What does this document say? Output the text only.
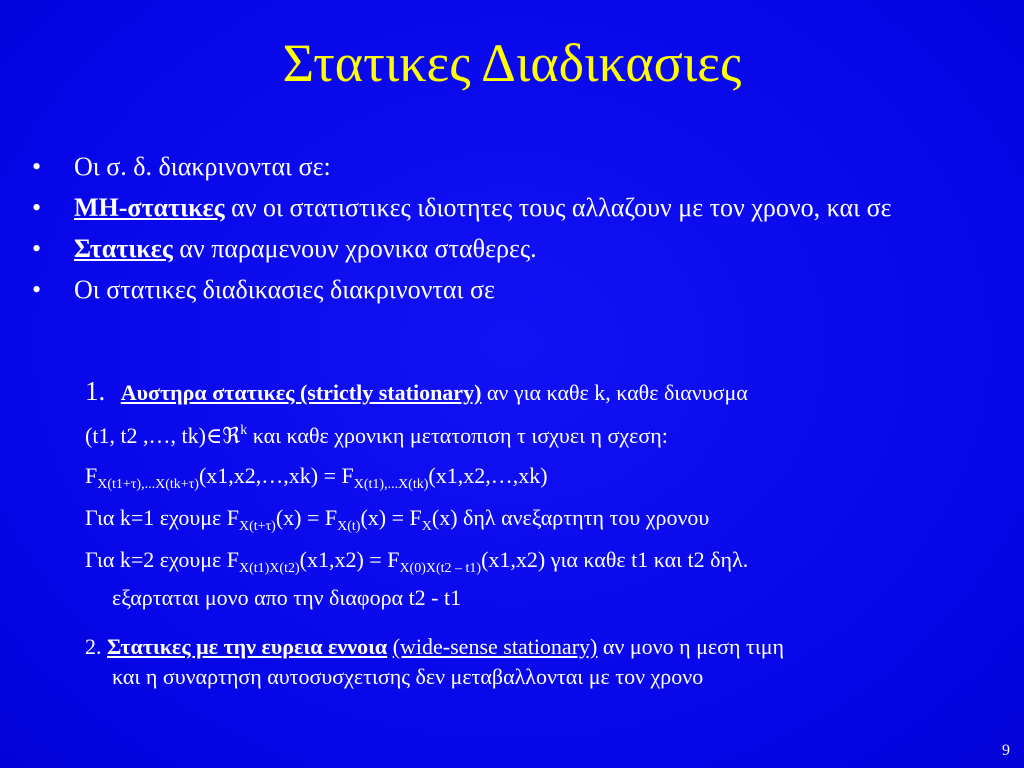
Στατικες Διαδικασιες
• Οι σ. δ. διακρινονται σε:
• ΜΗ-στατικες αν οι στατιστικες ιδιοτητες τους αλλαζουν με τον χρονο, και σε
• Στατικες αν παραμενουν χρονικα σταθερες.
• Οι στατικες διαδικασιες διακρινονται σε
1. Αυστηρα στατικες (strictly stationary) αν για καθε k, καθε διανυσμα
(t1, t2 ,…, tk)∈ℜ$^k$ και καθε χρονικη μετατοπιση τ ισχυει η σχεση:
$F_{X(t1+\tau),...X(tk+\tau)}(x1,x2,\dots,xk)$ = $F_{X(t1),...X(tk)}(x1,x2,\dots,xk)$
Για k=1 εχουμε $F_{X(t+\tau)}(x) = F_{X(t)}(x) = F_X(x)$ δηλ ανεξαρτητη του χρονου
Για k=2 εχουμε $F_{X(t1)X(t2)}(x1,x2) = F_{X(0)X(t2 - t1)}(x1,x2)$ για καθε t1 και t2 δηλ.
εξαρταται μονο απο την διαφορα t2 - t1
2. Στατικες με την ευρεια εννοια (wide-sense stationary) αν μονο η μεση τιμη
και η συναρτηση αυτοσυσχετισης δεν μεταβαλλονται με τον χρονο
9
